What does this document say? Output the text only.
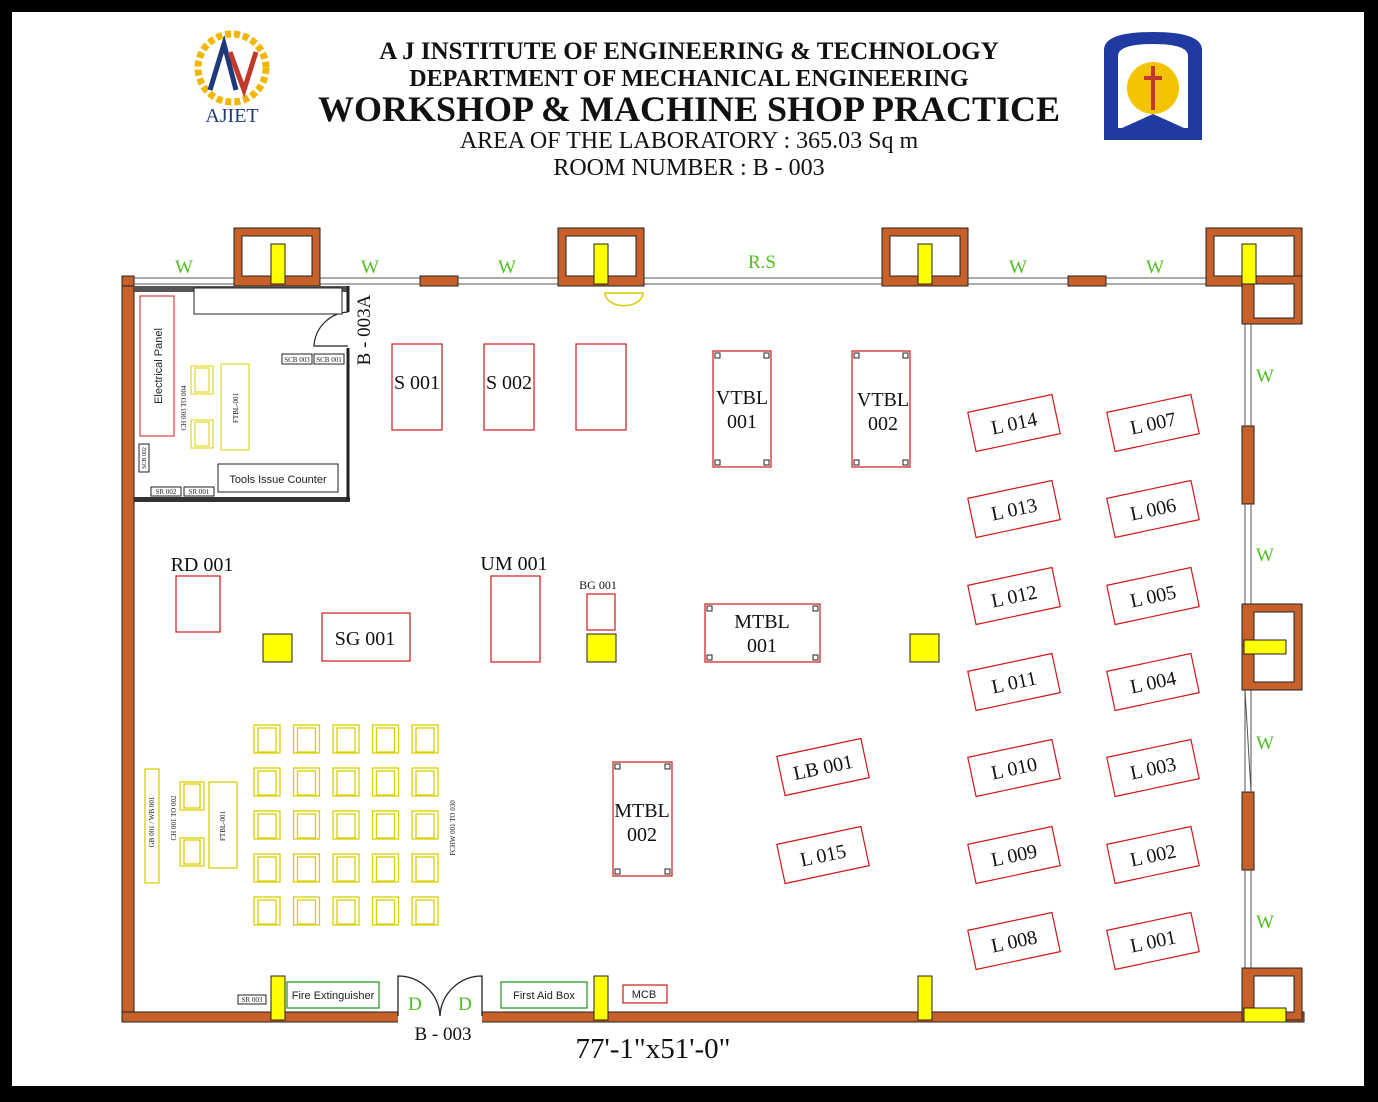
A J INSTITUTE OF ENGINEERING & TECHNOLOGY
DEPARTMENT OF MECHANICAL ENGINEERING
WORKSHOP & MACHINE SHOP PRACTICE
AREA OF THE LABORATORY : 365.03 Sq m
ROOM NUMBER : B - 003
AJIET
W	W	W	W	W
W
W
W
W
R.S
Electrical Panel
Tools Issue Counter
CH 003 TO 004	FTBL-001
SCB 003 SCB 001
SCB 002
SR 002 SR 001
B - 003A
S 001 S 002
VTBL
001
VTBL
002
RD 001	UM 001
SG 001
MTBL
001
MTBL
002
BG 001
L 014
L 013
L 012
L 011
L 010
L 009
L 008
L 007
L 006
L 005
L 004
L 003
L 002
L 001
LB 001
L 015
GB 001 / WB 001 CH 001 TO 002	FTBL-001	FCHW 001 TO 030
SR 003	Fire Extinguisher	First Aid Box	MCB
D D
B - 003	77'-1"x51'-0"
